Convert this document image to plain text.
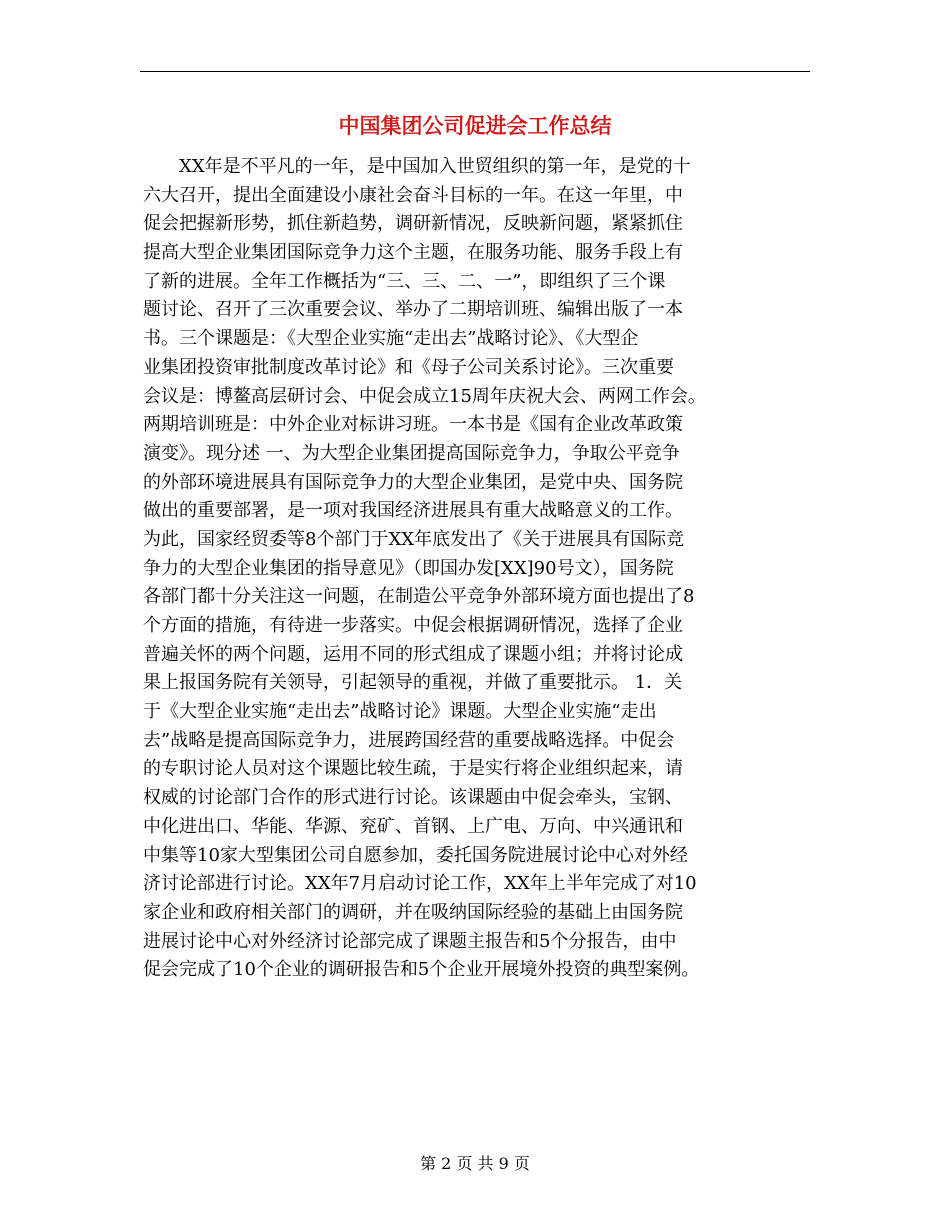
中国集团公司促进会工作总结
　　XX年是不平凡的一年，是中国加入世贸组织的第一年，是党的十
六大召开，提出全面建设小康社会奋斗目标的一年。在这一年里，中
促会把握新形势，抓住新趋势，调研新情况，反映新问题，紧紧抓住
提高大型企业集团国际竞争力这个主题，在服务功能、服务手段上有
了新的进展。全年工作概括为“三、三、二、一”，即组织了三个课
题讨论、召开了三次重要会议、举办了二期培训班、编辑出版了一本
书。三个课题是：《大型企业实施“走出去”战略讨论》、《大型企
业集团投资审批制度改革讨论》和《母子公司关系讨论》。三次重要
会议是：博鳌高层研讨会、中促会成立15周年庆祝大会、两网工作会。
两期培训班是：中外企业对标讲习班。一本书是《国有企业改革政策
演变》。现分述 一、为大型企业集团提高国际竞争力，争取公平竞争
的外部环境进展具有国际竞争力的大型企业集团，是党中央、国务院
做出的重要部署，是一项对我国经济进展具有重大战略意义的工作。
为此，国家经贸委等8个部门于XX年底发出了《关于进展具有国际竞
争力的大型企业集团的指导意见》（即国办发[XX]90号文），国务院
各部门都十分关注这一问题，在制造公平竞争外部环境方面也提出了8
个方面的措施，有待进一步落实。中促会根据调研情况，选择了企业
普遍关怀的两个问题，运用不同的形式组成了课题小组；并将讨论成
果上报国务院有关领导，引起领导的重视，并做了重要批示。 1．关
于《大型企业实施“走出去”战略讨论》课题。大型企业实施“走出
去”战略是提高国际竞争力，进展跨国经营的重要战略选择。中促会
的专职讨论人员对这个课题比较生疏，于是实行将企业组织起来，请
权威的讨论部门合作的形式进行讨论。该课题由中促会牵头，宝钢、
中化进出口、华能、华源、兖矿、首钢、上广电、万向、中兴通讯和
中集等10家大型集团公司自愿参加，委托国务院进展讨论中心对外经
济讨论部进行讨论。XX年7月启动讨论工作，XX年上半年完成了对10
家企业和政府相关部门的调研，并在吸纳国际经验的基础上由国务院
进展讨论中心对外经济讨论部完成了课题主报告和5个分报告，由中
促会完成了10个企业的调研报告和5个企业开展境外投资的典型案例。
第 2 页 共 9 页
